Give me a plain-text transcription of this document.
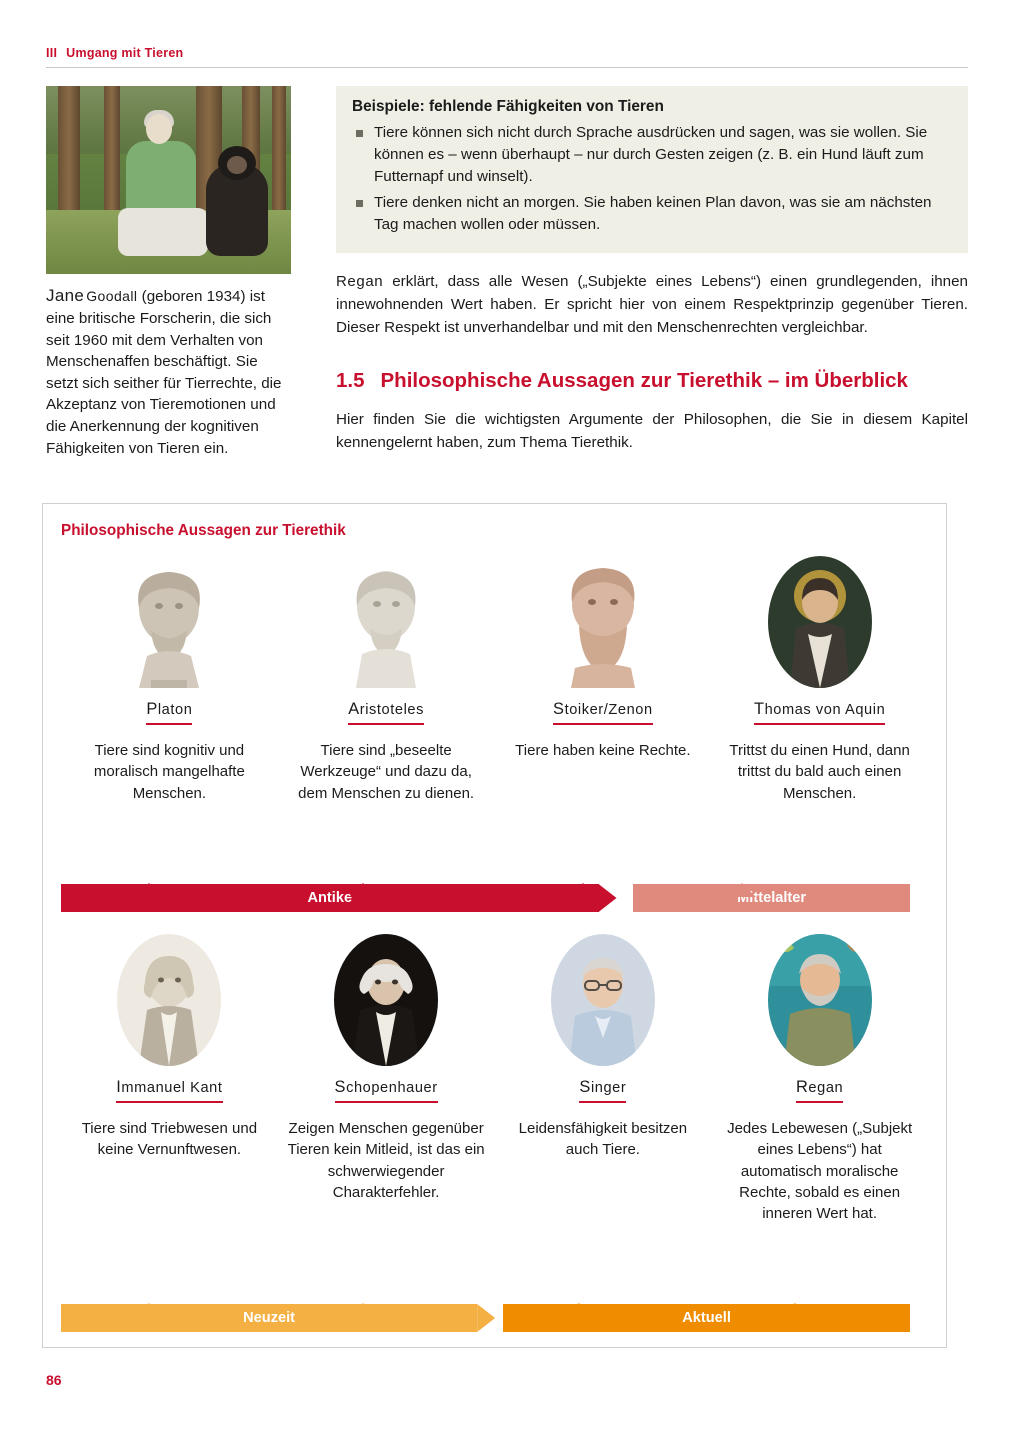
III Umgang mit Tieren
Jane Goodall (geboren 1934) ist eine britische Forscherin, die sich seit 1960 mit dem Verhalten von Menschenaffen beschäftigt. Sie setzt sich seither für Tierrechte, die Akzeptanz von Tieremotionen und die Anerkennung der kognitiven Fähigkeiten von Tieren ein.
Beispiele: fehlende Fähigkeiten von Tieren
Tiere können sich nicht durch Sprache ausdrücken und sagen, was sie wollen. Sie können es – wenn überhaupt – nur durch Gesten zeigen (z. B. ein Hund läuft zum Futternapf und winselt).
Tiere denken nicht an morgen. Sie haben keinen Plan davon, was sie am nächsten Tag machen wollen oder müssen.

Regan erklärt, dass alle Wesen („Subjekte eines Lebens“) einen grundlegenden, ihnen innewohnenden Wert haben. Er spricht hier von einem Respektprinzip gegenüber Tieren. Dieser Respekt ist unverhandelbar und mit den Menschenrechten vergleichbar.

1.5 Philosophische Aussagen zur Tierethik – im Überblick

Hier finden Sie die wichtigsten Argumente der Philosophen, die Sie in diesem Kapitel kennengelernt haben, zum Thema Tierethik.

Philosophische Aussagen zur Tierethik
Platon
Tiere sind kognitiv und moralisch mangelhafte Menschen.
Aristoteles
Tiere sind „beseelte Werkzeuge“ und dazu da, dem Menschen zu dienen.
Stoiker/Zenon
Tiere haben keine Rechte.
Thomas von Aquin
Trittst du einen Hund, dann trittst du bald auch einen Menschen.
Antike	Mittelalter
Immanuel Kant
Tiere sind Triebwesen und keine Vernunftwesen.
Schopenhauer
Zeigen Menschen gegenüber Tieren kein Mitleid, ist das ein schwerwiegender Charakterfehler.
Singer
Leidensfähigkeit besitzen auch Tiere.
Regan
Jedes Lebewesen („Subjekt eines Lebens“) hat automatisch moralische Rechte, sobald es einen inneren Wert hat.
Neuzeit	Aktuell
86
